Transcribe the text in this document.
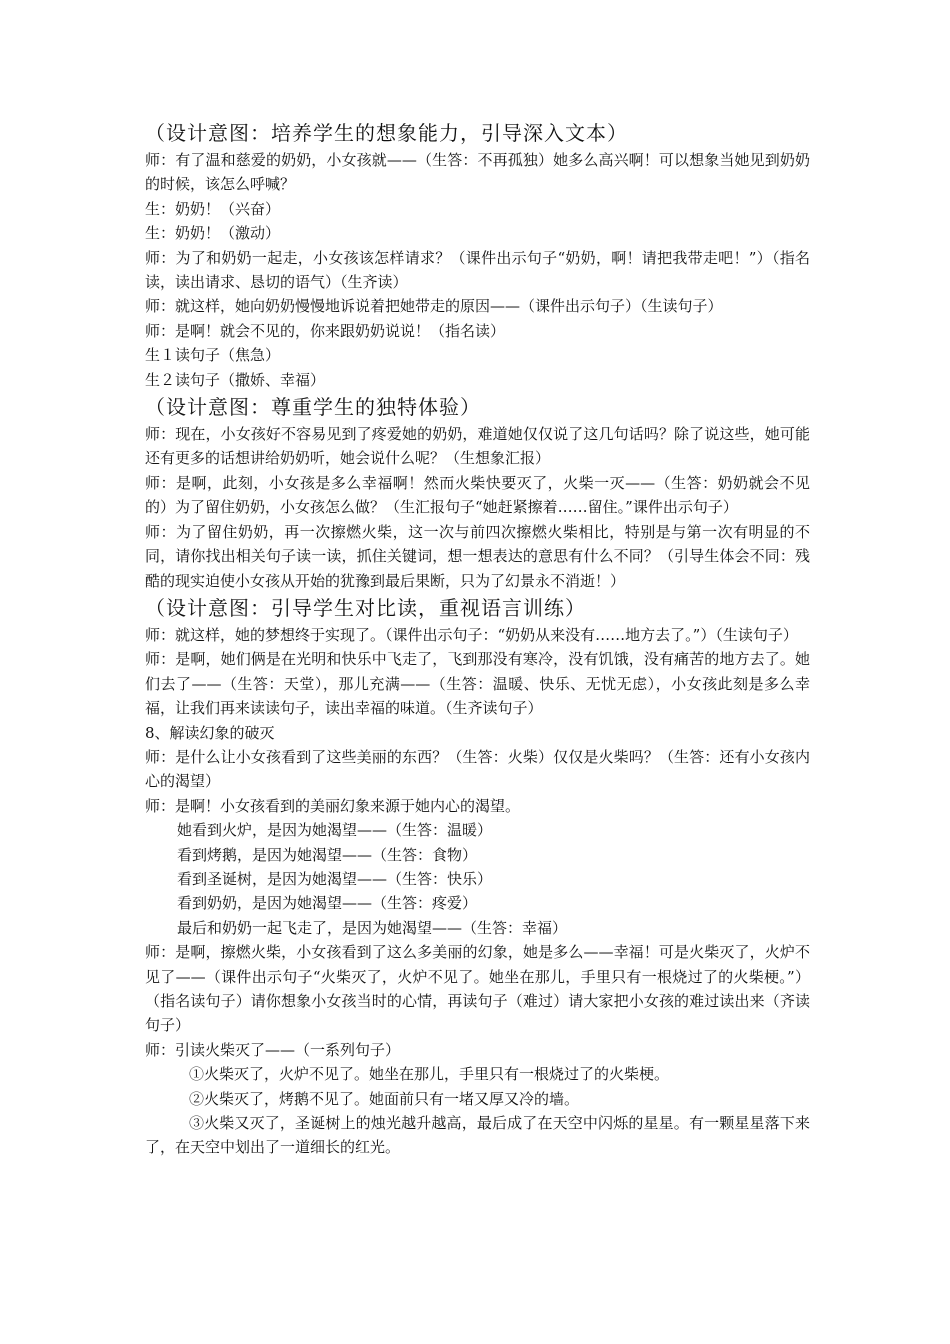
（设计意图：培养学生的想象能力，引导深入文本）

师：有了温和慈爱的奶奶，小女孩就——（生答：不再孤独）她多么高兴啊！可以想象当她见到奶奶的时候，该怎么呼喊？

生：奶奶！（兴奋）

生：奶奶！（激动）

师：为了和奶奶一起走，小女孩该怎样请求？（课件出示句子“奶奶，啊！请把我带走吧！”）（指名读，读出请求、恳切的语气）（生齐读）

师：就这样，她向奶奶慢慢地诉说着把她带走的原因——（课件出示句子）（生读句子）

师：是啊！就会不见的，你来跟奶奶说说！（指名读）

生１读句子（焦急）

生２读句子（撒娇、幸福）

（设计意图：尊重学生的独特体验）

师：现在，小女孩好不容易见到了疼爱她的奶奶，难道她仅仅说了这几句话吗？除了说这些，她可能还有更多的话想讲给奶奶听，她会说什么呢？（生想象汇报）

师：是啊，此刻，小女孩是多么幸福啊！然而火柴快要灭了，火柴一灭——（生答：奶奶就会不见的）为了留住奶奶，小女孩怎么做？（生汇报句子“她赶紧擦着……留住。”课件出示句子）

师：为了留住奶奶，再一次擦燃火柴，这一次与前四次擦燃火柴相比，特别是与第一次有明显的不同，请你找出相关句子读一读，抓住关键词，想一想表达的意思有什么不同？（引导生体会不同：残酷的现实迫使小女孩从开始的犹豫到最后果断，只为了幻景永不消逝！）

（设计意图：引导学生对比读，重视语言训练）

师：就这样，她的梦想终于实现了。（课件出示句子：“奶奶从来没有……地方去了。”）（生读句子）

师：是啊，她们俩是在光明和快乐中飞走了，飞到那没有寒冷，没有饥饿，没有痛苦的地方去了。她们去了——（生答：天堂），那儿充满——（生答：温暖、快乐、无忧无虑），小女孩此刻是多么幸福，让我们再来读读句子，读出幸福的味道。（生齐读句子）

8、解读幻象的破灭

师：是什么让小女孩看到了这些美丽的东西？（生答：火柴）仅仅是火柴吗？（生答：还有小女孩内心的渴望）

师：是啊！小女孩看到的美丽幻象来源于她内心的渴望。

她看到火炉，是因为她渴望——（生答：温暖）

看到烤鹅，是因为她渴望——（生答：食物）

看到圣诞树，是因为她渴望——（生答：快乐）

看到奶奶，是因为她渴望——（生答：疼爱）

最后和奶奶一起飞走了，是因为她渴望——（生答：幸福）

师：是啊，擦燃火柴，小女孩看到了这么多美丽的幻象，她是多么——幸福！可是火柴灭了，火炉不见了——（课件出示句子“火柴灭了，火炉不见了。她坐在那儿，手里只有一根烧过了的火柴梗。”）（指名读句子）请你想象小女孩当时的心情，再读句子（难过）请大家把小女孩的难过读出来（齐读句子）

师：引读火柴灭了——（一系列句子）

①火柴灭了，火炉不见了。她坐在那儿，手里只有一根烧过了的火柴梗。

②火柴灭了，烤鹅不见了。她面前只有一堵又厚又冷的墙。

③火柴又灭了，圣诞树上的烛光越升越高，最后成了在天空中闪烁的星星。有一颗星星落下来了，在天空中划出了一道细长的红光。
